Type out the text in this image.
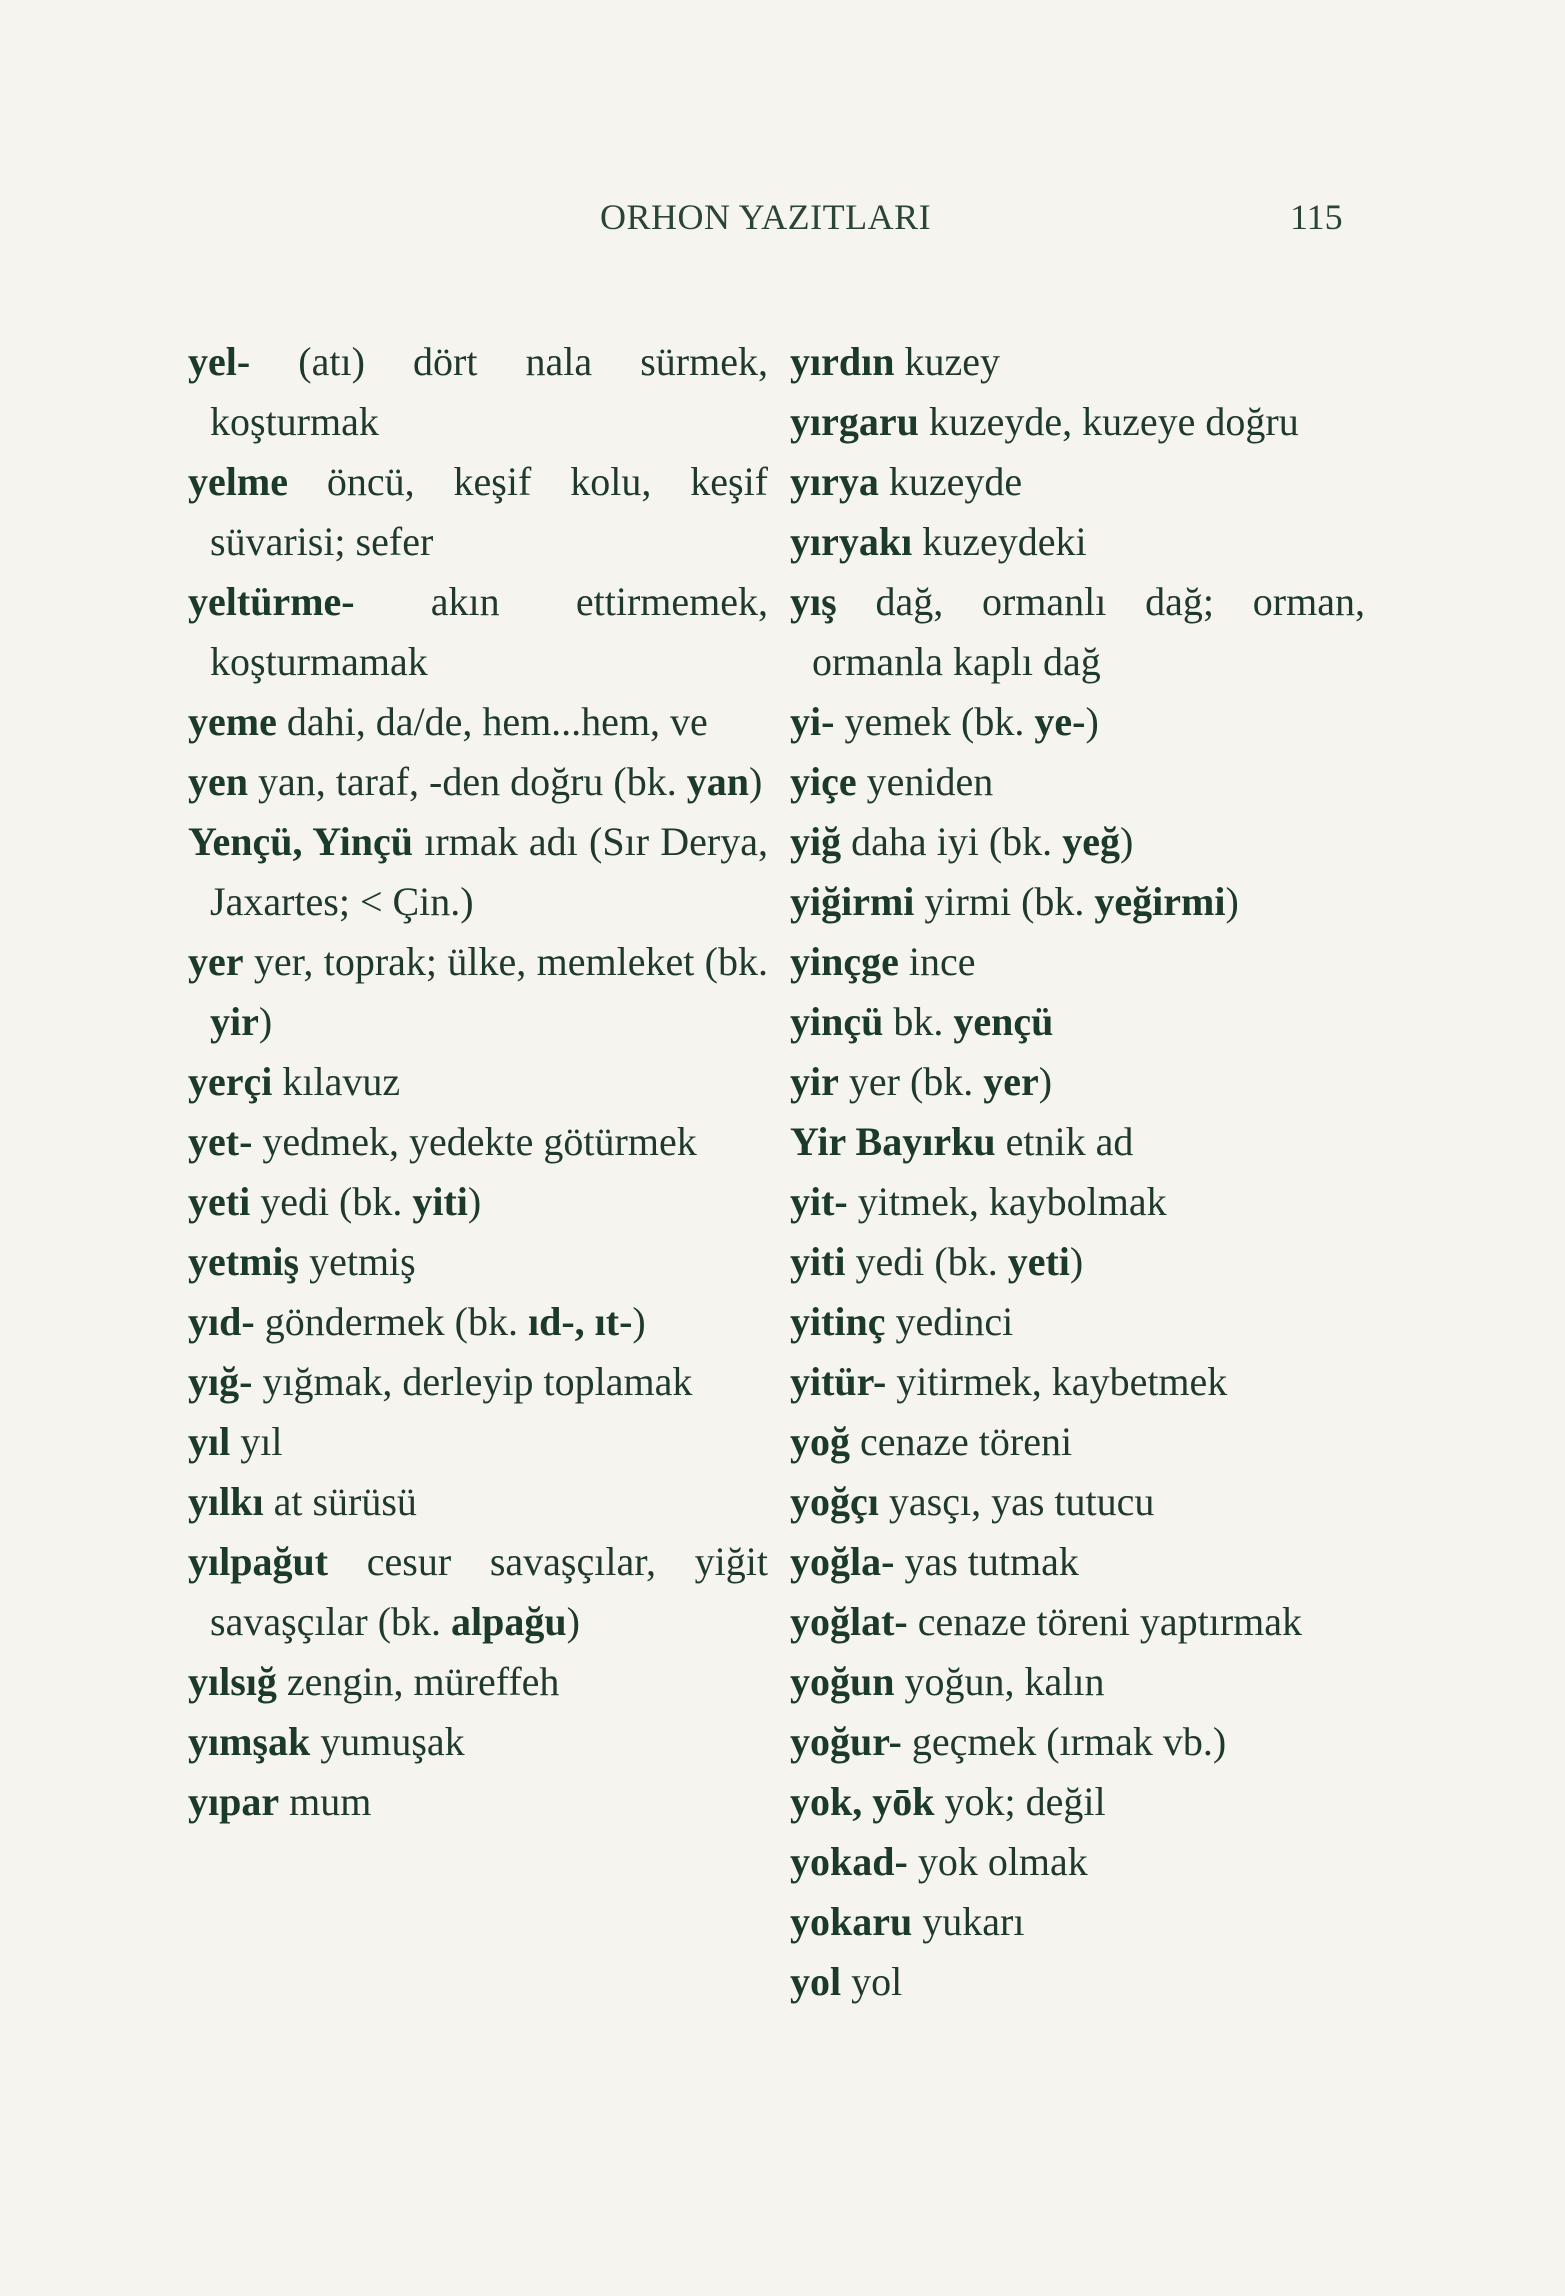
ORHON YAZITLARI	115

yel- (atı) dört nala sürmek, koşturmak

yelme öncü, keşif kolu, keşif süvarisi; sefer

yeltürme- akın ettirmemek, koşturmamak

yeme dahi, da/de, hem...hem, ve

yen yan, taraf, -den doğru (bk. yan)

Yençü, Yinçü ırmak adı (Sır Derya, Jaxartes; < Çin.)

yer yer, toprak; ülke, memleket (bk. yir)

yerçi kılavuz

yet- yedmek, yedekte götürmek

yeti yedi (bk. yiti)

yetmiş yetmiş

yıd- göndermek (bk. ıd-, ıt-)

yığ- yığmak, derleyip toplamak

yıl yıl

yılkı at sürüsü

yılpağut cesur savaşçılar, yiğit savaşçılar (bk. alpağu)

yılsığ zengin, müreffeh

yımşak yumuşak

yıpar mum

yırdın kuzey

yırgaru kuzeyde, kuzeye doğru

yırya kuzeyde

yıryakı kuzeydeki

yış dağ, ormanlı dağ; orman, ormanla kaplı dağ

yi- yemek (bk. ye-)

yiçe yeniden

yiğ daha iyi (bk. yeğ)

yiğirmi yirmi (bk. yeğirmi)

yinçge ince

yinçü bk. yençü

yir yer (bk. yer)

Yir Bayırku etnik ad

yit- yitmek, kaybolmak

yiti yedi (bk. yeti)

yitinç yedinci

yitür- yitirmek, kaybetmek

yoğ cenaze töreni

yoğçı yasçı, yas tutucu

yoğla- yas tutmak

yoğlat- cenaze töreni yaptırmak

yoğun yoğun, kalın

yoğur- geçmek (ırmak vb.)

yok, yōk yok; değil

yokad- yok olmak

yokaru yukarı

yol yol
